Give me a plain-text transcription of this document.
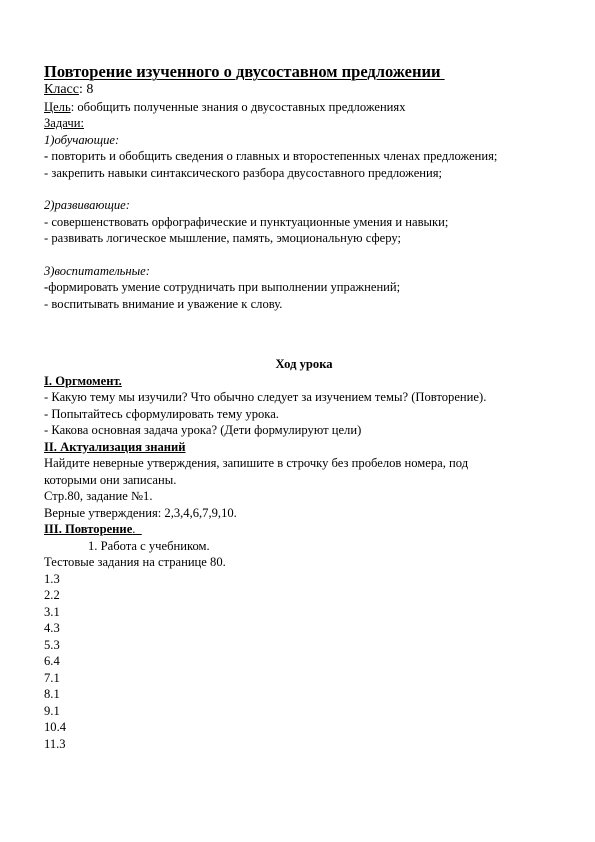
Повторение изученного о двусоставном предложении
Класс: 8
Цель: обобщить полученные знания о двусоставных предложениях
Задачи:
1)обучающие:
- повторить и обобщить сведения о главных и второстепенных членах предложения;
- закрепить навыки синтаксического разбора двусоставного предложения;
2)развивающие:
- совершенствовать орфографические и пунктуационные умения и навыки;
- развивать логическое мышление, память, эмоциональную сферу;
3)воспитательные:
-формировать умение сотрудничать при выполнении упражнений;
- воспитывать внимание и уважение к слову.
Ход урока
I. Оргмомент.
- Какую тему мы изучили? Что обычно следует за изучением темы? (Повторение).
- Попытайтесь сформулировать тему урока.
- Какова основная задача урока? (Дети формулируют цели)
II. Актуализация знаний
Найдите неверные утверждения, запишите в строчку без пробелов номера, под
которыми они записаны.
Стр.80, задание №1.
Верные утверждения: 2,3,4,6,7,9,10.
III. Повторение.
1. Работа с учебником.
Тестовые задания на странице 80.
1.3
2.2
3.1
4.3
5.3
6.4
7.1
8.1
9.1
10.4
11.3
